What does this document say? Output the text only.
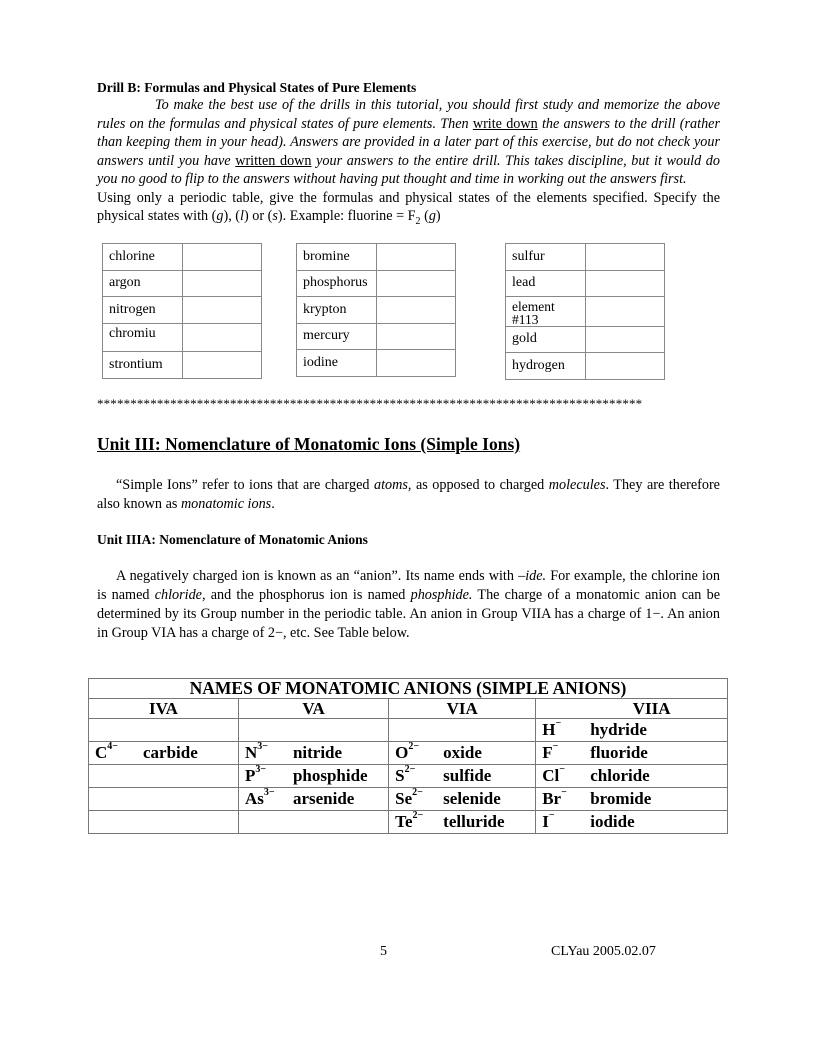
Drill B: Formulas and Physical States of Pure Elements
To make the best use of the drills in this tutorial, you should first study and memorize the above rules on the formulas and physical states of pure elements. Then write down the answers to the drill (rather than keeping them in your head). Answers are provided in a later part of this exercise, but do not check your answers until you have written down your answers to the entire drill. This takes discipline, but it would do you no good to flip to the answers without having put thought and time in working out the answers first.
Using only a periodic table, give the formulas and physical states of the elements specified. Specify the physical states with (g), (l) or (s). Example: fluorine = $F_2$ (g)
chlorine	
argon	
nitrogen	
chromiu	
strontium	
bromine	
phosphorus	
krypton	
mercury	
iodine	
sulfur	
lead	

element #113	

gold	
hydrogen	
**********************************************************************************
Unit III: Nomenclature of Monatomic Ions (Simple Ions)
“Simple Ions” refer to ions that are charged atoms, as opposed to charged molecules. They are therefore also known as monatomic ions.
Unit IIIA: Nomenclature of Monatomic Anions
A negatively charged ion is known as an “anion”. Its name ends with –ide. For example, the chlorine ion is named chloride, and the phosphorus ion is named phosphide. The charge of a monatomic anion can be determined by its Group number in the periodic table. An anion in Group VIIA has a charge of 1−. An anion in Group VIA has a charge of 2−, etc. See Table below.
NAMES OF MONATOMIC ANIONS (SIMPLE ANIONS)			
IVA	VA	VIA	VIIA
			H− hydride
$C^{4-}$ carbide	$N^{3-}$ nitride	$O^{2-}$ oxide	F− fluoride
	$P^{3-}$ phosphide	$S^{2-}$ sulfide	Cl− chloride
	$As^{3-}$ arsenide	$Se^{2-}$ selenide	Br− bromide
		$Te^{2-}$ telluride	I− iodide
5	CLYau 2005.02.07
